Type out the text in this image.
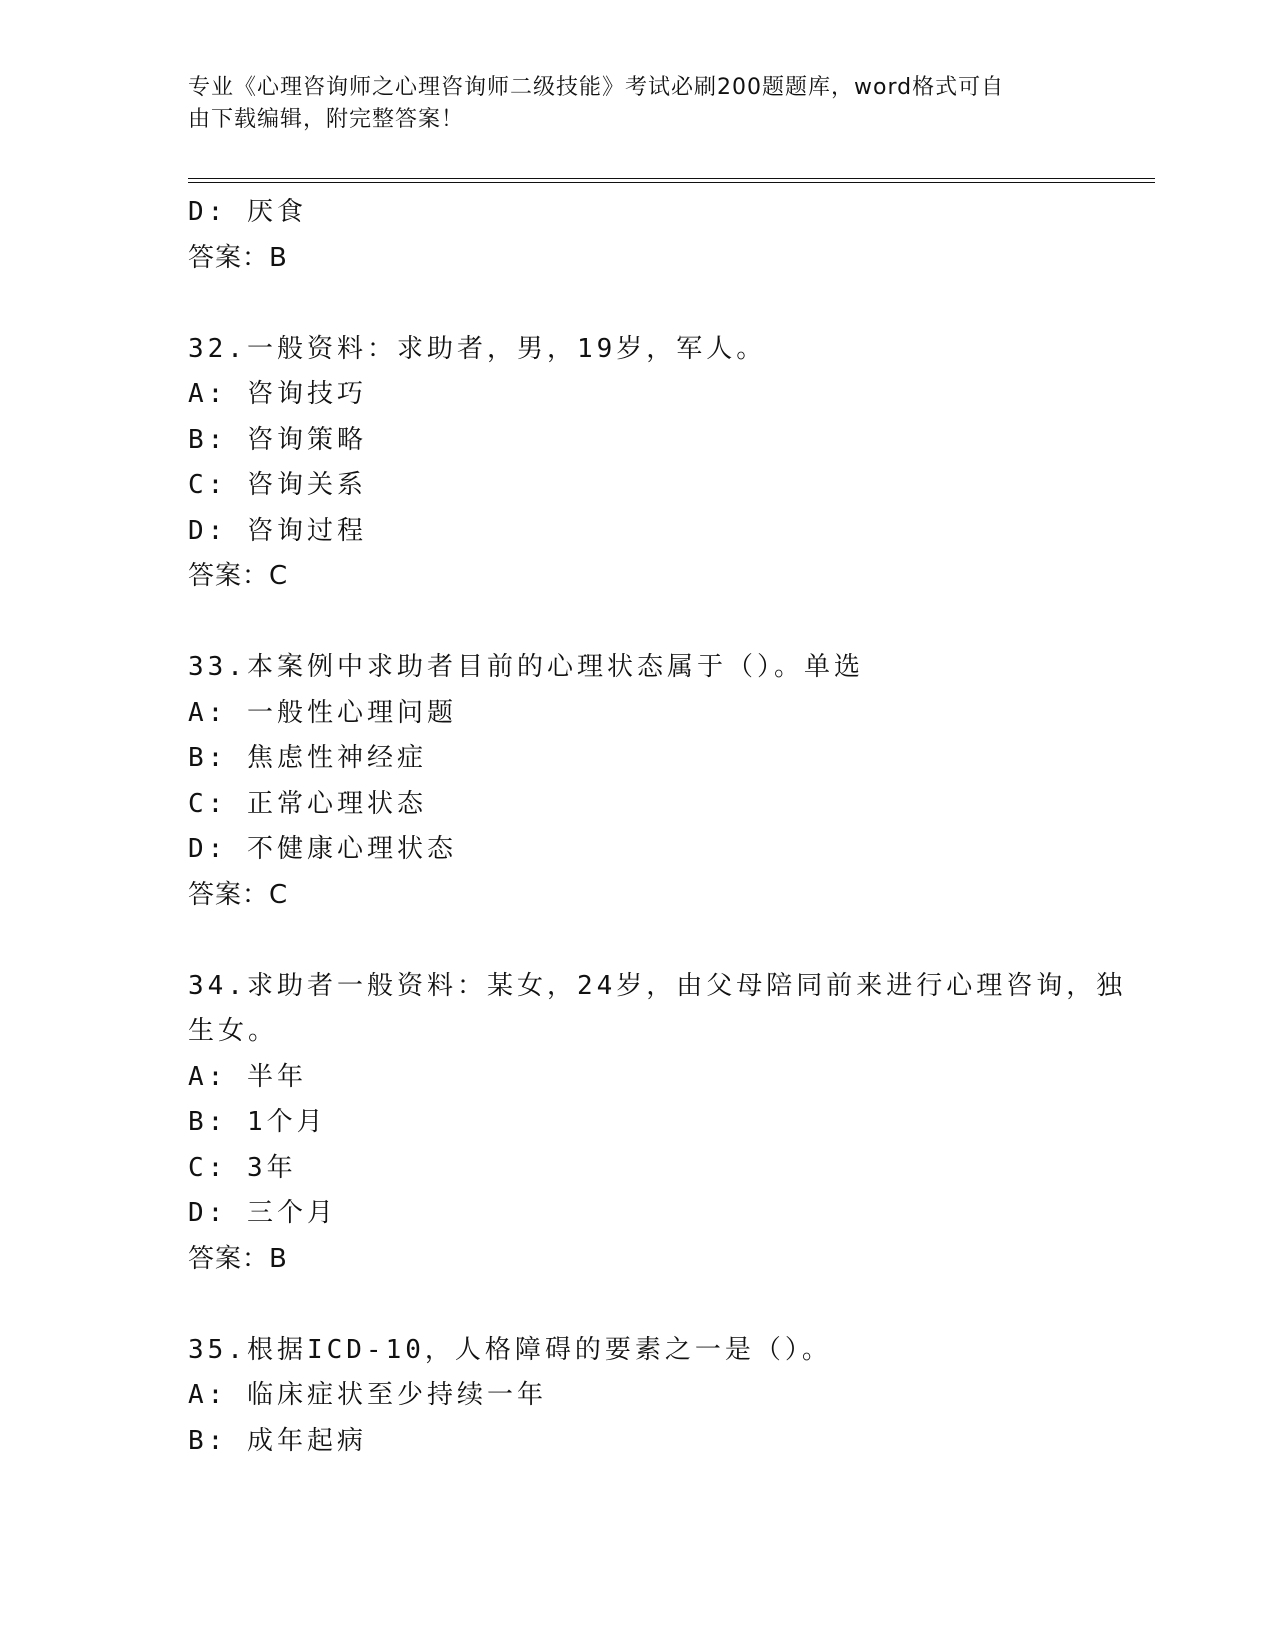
专业《心理咨询师之心理咨询师二级技能》考试必刷200题题库，word格式可自
由下载编辑，附完整答案！
D: 厌食
答案：B
32.一般资料：求助者，男，19岁，军人。
A: 咨询技巧
B: 咨询策略
C: 咨询关系
D: 咨询过程
答案：C
33.本案例中求助者目前的心理状态属于（）。单选
A: 一般性心理问题
B: 焦虑性神经症
C: 正常心理状态
D: 不健康心理状态
答案：C
34.求助者一般资料：某女，24岁，由父母陪同前来进行心理咨询，独
生女。
A: 半年
B: 1个月
C: 3年
D: 三个月
答案：B
35.根据ICD-10，人格障碍的要素之一是（）。
A: 临床症状至少持续一年
B: 成年起病
